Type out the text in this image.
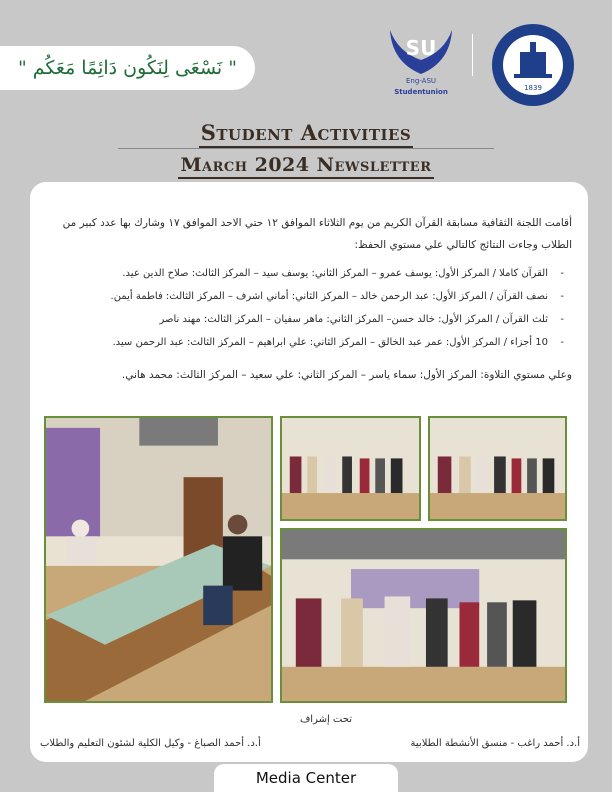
" نَسْعَى لِنَكُون دَائِمًا مَعَكُم "
SU
Eng-ASU
Studentunion	1839
Student Activities
March 2024 Newsletter

أقامت اللجنة الثقافية مسابقة القرآن الكريم من يوم الثلاثاء الموافق ١٢ حتي الاحد الموافق ١٧ وشارك بها عدد كبير من الطلاب وجاءت النتائج كالتالي علي مستوي الحفظ:

- القرآن كاملا / المركز الأول: يوسف عمرو – المركز الثاني: يوسف سيد – المركز الثالث: صلاح الدين عيد.
- نصف القرآن / المركز الأول: عبد الرحمن خالد – المركز الثاني: أماني اشرف – المركز الثالث: فاطمة أيمن.
- ثلث القرآن / المركز الأول: خالد حسن– المركز الثاني: ماهر سفيان – المركز الثالث: مهند ناصر
- 10 أجزاء / المركز الأول: عمر عبد الخالق – المركز الثاني: علي ابراهيم – المركز الثالث: عبد الرحمن سيد.

وعلي مستوي التلاوة: المركز الأول: سماء ياسر – المركز الثاني: علي سعيد – المركز الثالث: محمد هاني.

تحت إشراف
أ.د. أحمد راغب - منسق الأنشطة الطلابية
أ.د. أحمد الصباغ - وكيل الكلية لشئون التعليم والطلاب
Media Center
